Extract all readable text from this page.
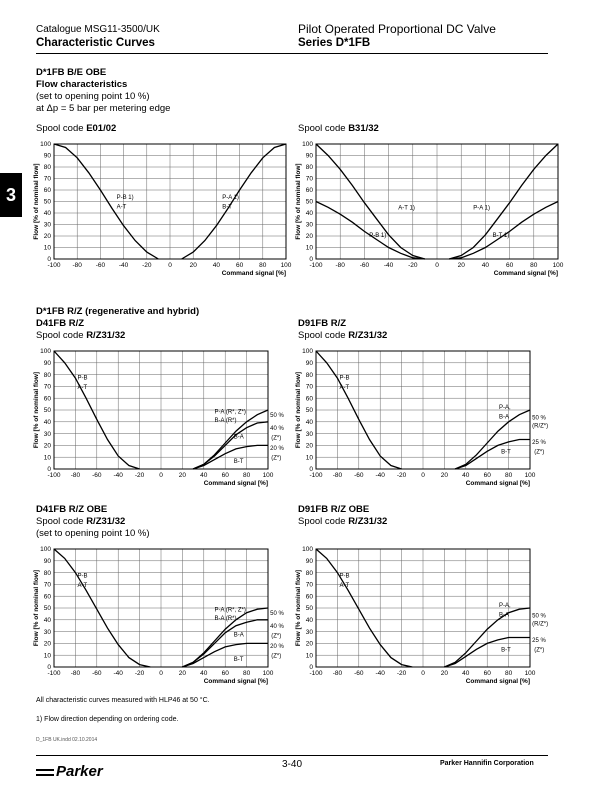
Catalogue MSG11-3500/UK
Characteristic Curves
Pilot Operated Proportional DC Valve
Series D*1FB
3
D*1FB B/E OBE
Flow characteristics
(set to opening point 10 %)
at Δp = 5 bar per metering edge
Spool code E01/02	Spool code B31/32
D*1FB R/Z (regenerative and hybrid)
D41FB R/Z	D91FB R/Z
Spool code R/Z31/32	Spool code R/Z31/32
D41FB R/Z OBE	D91FB R/Z OBE
Spool code R/Z31/32	Spool code R/Z31/32
(set to opening point 10 %)
100
90
80
70
60
50
40
30
20
10
0
-100 -80 -60 -40 -20	0	20 40 60 80 100
Command signal [%]
Flow [% of nominal flow]	P-B 1)
A-T
P-A 1)
B-T
100
90
80
70
60
50
40
30
20
10
0
-100 -80 -60 -40 -20	0	20	40	60	80 100
Command signal [%]
Flow [% of nominal flow]	A-T 1)
P-B 1)
P-A 1)
B-T 1)
100
90
80
70
60
50
40
30
20
10
0
-100 -80 -60 -40 -20 0 20 40 60 80 100
Command signal [%]
Flow [% of nominal flow]	P-B
A-T
P-A (R*, Z*)
B-A (R*)
B-A
B-T
50 %
40 %
(Z*)
20 %
(Z*)
100
90
80
70
60
50
40
30
20
10
0
-100 -80 -60 -40 -20 0 20 40 60 80 100
Command signal [%]
Flow [% of nominal flow]	P-B
A-T
P-A,
B-A	50 %
(R/Z*)
B-T
25 %
(Z*)
100
90
80
70
60
50
40
30
20
10
0
-100 -80 -60 -40 -20 0 20 40 60 80 100
Command signal [%]
Flow [% of nominal flow]	P-B
A-T
P-A (R*, Z*)
B-A (R*)
B-A
B-T
50 %
40 %
(Z*)
20 %
(Z*)
100
90
80
70
60
50
40
30
20
10
0
-100 -80 -60 -40 -20 0 20 40 60 80 100
Command signal [%]
Flow [% of nominal flow]	P-B
A-T
P-A,
B-A	50 %
(R/Z*)
B-T
25 %
(Z*)
All characteristic curves measured with HLP46 at 50 °C.
1) Flow direction depending on ordering code.
D_1FB UK.indd 02.10.2014
Parker	3-40	Parker Hannifin Corporation
